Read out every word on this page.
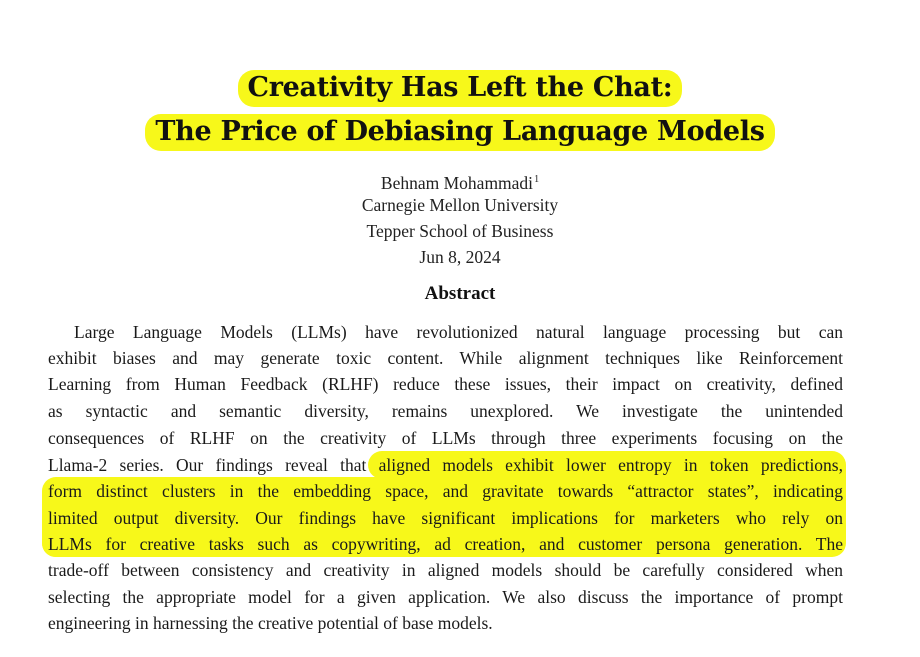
Creativity Has Left the Chat:
The Price of Debiasing Language Models
Behnam Mohammadi$^1$
Carnegie Mellon University
Tepper School of Business
Jun 8, 2024
Abstract
Large Language Models (LLMs) have revolutionized natural language processing but can
exhibit biases and may generate toxic content. While alignment techniques like Reinforcement
Learning from Human Feedback (RLHF) reduce these issues, their impact on creativity, defined
as syntactic and semantic diversity, remains unexplored. We investigate the unintended
consequences of RLHF on the creativity of LLMs through three experiments focusing on the
Llama-2 series. Our findings reveal that aligned models exhibit lower entropy in token predictions,
form distinct clusters in the embedding space, and gravitate towards “attractor states”, indicating
limited output diversity. Our findings have significant implications for marketers who rely on
LLMs for creative tasks such as copywriting, ad creation, and customer persona generation. The
trade-off between consistency and creativity in aligned models should be carefully considered when
selecting the appropriate model for a given application. We also discuss the importance of prompt
engineering in harnessing the creative potential of base models.
